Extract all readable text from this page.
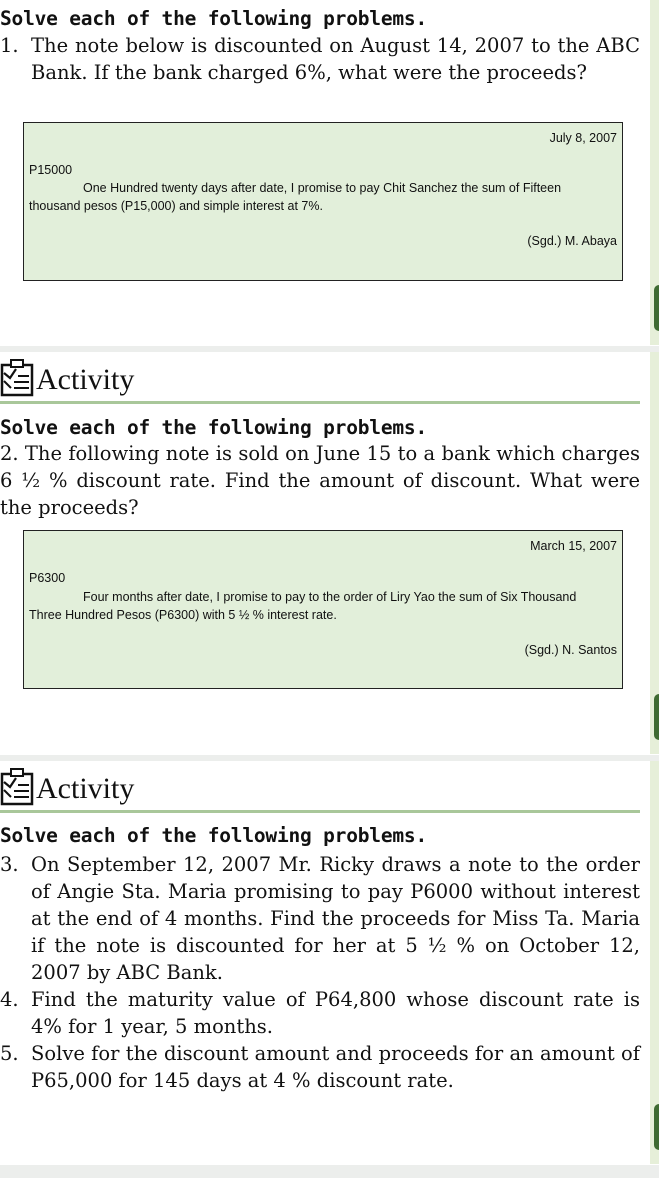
Solve each of the following problems.
1. The note below is discounted on August 14, 2007 to the ABC Bank. If the bank charged 6%, what were the proceeds?
July 8, 2007
P15000
One Hundred twenty days after date, I promise to pay Chit Sanchez the sum of Fifteen thousand pesos (P15,000) and simple interest at 7%.
(Sgd.) M. Abaya
Activity
Solve each of the following problems.
2. The following note is sold on June 15 to a bank which charges 6 ½ % discount rate. Find the amount of discount. What were the proceeds?
March 15, 2007
P6300
Four months after date, I promise to pay to the order of Liry Yao the sum of Six Thousand Three Hundred Pesos (P6300) with 5 ½ % interest rate.
(Sgd.) N. Santos
Activity
Solve each of the following problems.
3. On September 12, 2007 Mr. Ricky draws a note to the order of Angie Sta. Maria promising to pay P6000 without interest at the end of 4 months. Find the proceeds for Miss Ta. Maria if the note is discounted for her at 5 ½ % on October 12, 2007 by ABC Bank.
4. Find the maturity value of P64,800 whose discount rate is 4% for 1 year, 5 months.
5. Solve for the discount amount and proceeds for an amount of P65,000 for 145 days at 4 % discount rate.
